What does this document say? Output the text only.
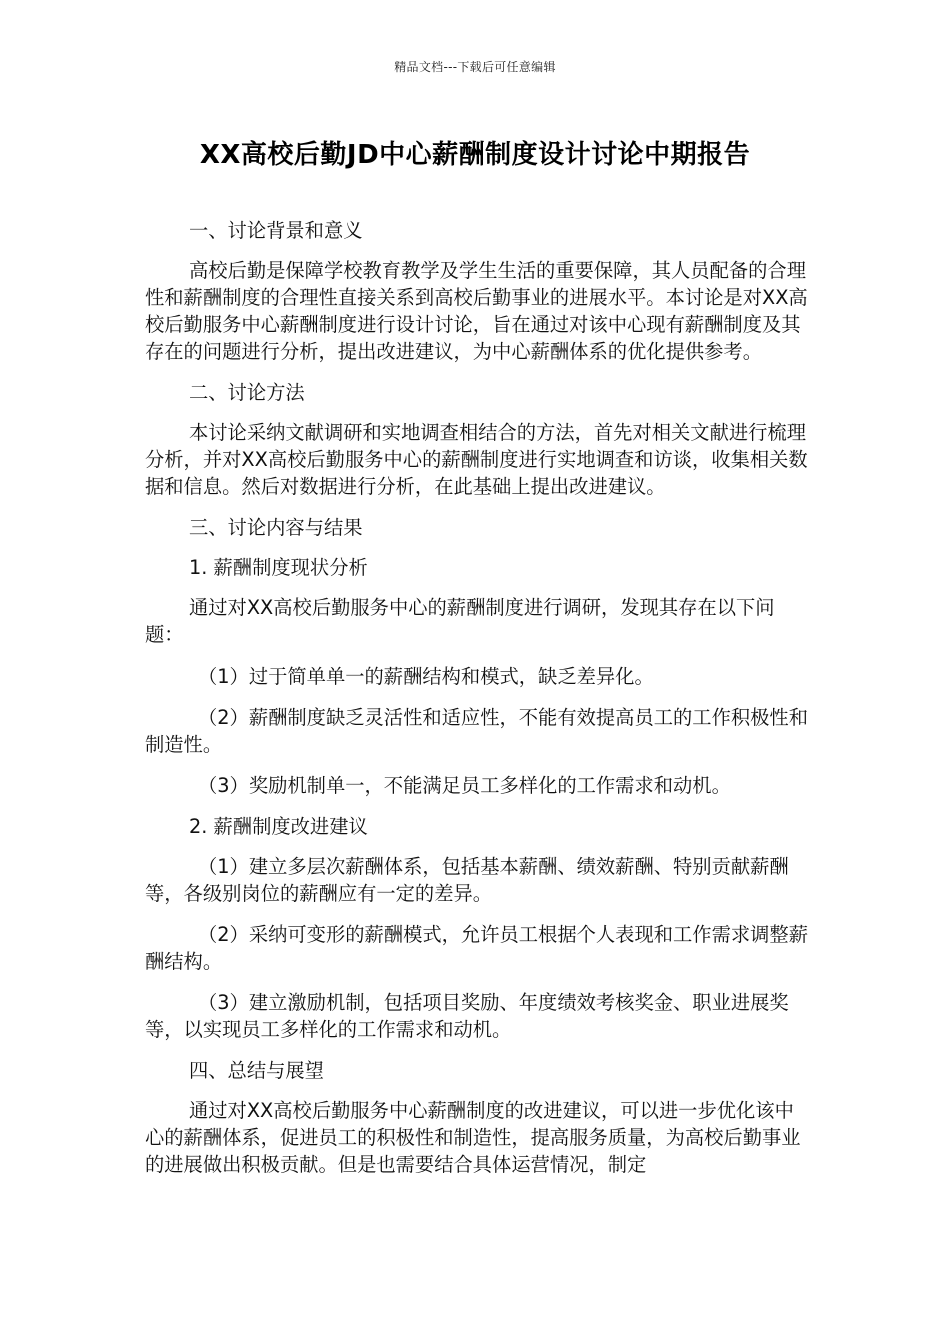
精品文档---下载后可任意编辑
XX高校后勤JD中心薪酬制度设计讨论中期报告

一、讨论背景和意义

高校后勤是保障学校教育教学及学生生活的重要保障，其人员配备的合理性和薪酬制度的合理性直接关系到高校后勤事业的进展水平。本讨论是对XX高校后勤服务中心薪酬制度进行设计讨论，旨在通过对该中心现有薪酬制度及其存在的问题进行分析，提出改进建议，为中心薪酬体系的优化提供参考。

二、讨论方法

本讨论采纳文献调研和实地调查相结合的方法，首先对相关文献进行梳理分析，并对XX高校后勤服务中心的薪酬制度进行实地调查和访谈，收集相关数据和信息。然后对数据进行分析，在此基础上提出改进建议。

三、讨论内容与结果

1. 薪酬制度现状分析

通过对XX高校后勤服务中心的薪酬制度进行调研，发现其存在以下问题：

（1）过于简单单一的薪酬结构和模式，缺乏差异化。

（2）薪酬制度缺乏灵活性和适应性，不能有效提高员工的工作积极性和制造性。

（3）奖励机制单一，不能满足员工多样化的工作需求和动机。

2. 薪酬制度改进建议

（1）建立多层次薪酬体系，包括基本薪酬、绩效薪酬、特别贡献薪酬等，各级别岗位的薪酬应有一定的差异。

（2）采纳可变形的薪酬模式，允许员工根据个人表现和工作需求调整薪酬结构。

（3）建立激励机制，包括项目奖励、年度绩效考核奖金、职业进展奖等，以实现员工多样化的工作需求和动机。

四、总结与展望

通过对XX高校后勤服务中心薪酬制度的改进建议，可以进一步优化该中心的薪酬体系，促进员工的积极性和制造性，提高服务质量，为高校后勤事业的进展做出积极贡献。但是也需要结合具体运营情况，制定
